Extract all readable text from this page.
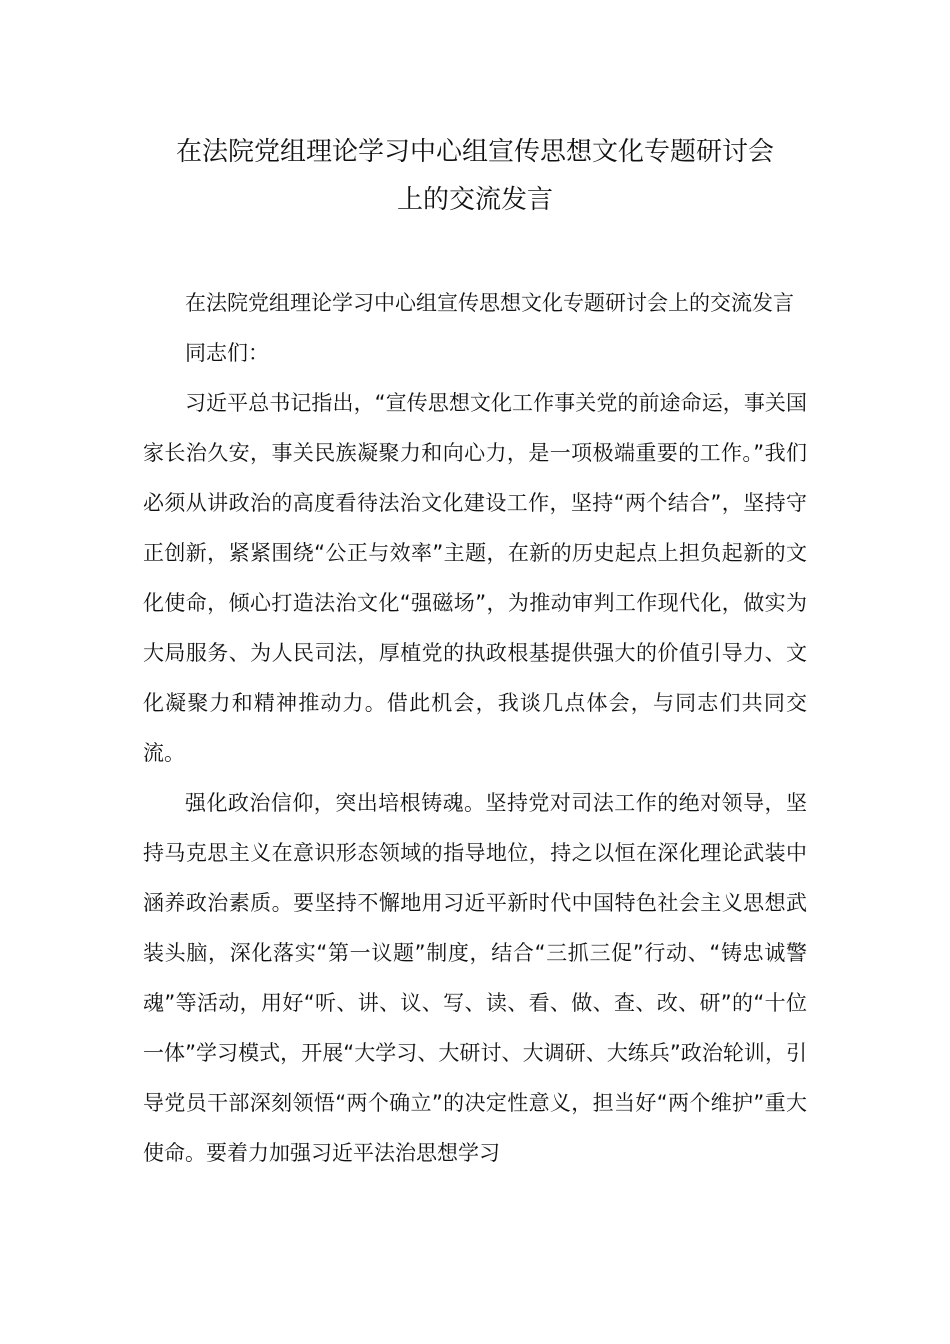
在法院党组理论学习中心组宣传思想文化专题研讨会
上的交流发言

在法院党组理论学习中心组宣传思想文化专题研讨会上的交流发言

同志们：

习近平总书记指出，“宣传思想文化工作事关党的前途命运，事关国家长治久安，事关民族凝聚力和向心力，是一项极端重要的工作。”我们必须从讲政治的高度看待法治文化建设工作，坚持“两个结合”，坚持守正创新，紧紧围绕“公正与效率”主题，在新的历史起点上担负起新的文化使命，倾心打造法治文化“强磁场”，为推动审判工作现代化，做实为大局服务、为人民司法，厚植党的执政根基提供强大的价值引导力、文化凝聚力和精神推动力。借此机会，我谈几点体会，与同志们共同交流。

强化政治信仰，突出培根铸魂。坚持党对司法工作的绝对领导，坚持马克思主义在意识形态领域的指导地位，持之以恒在深化理论武装中涵养政治素质。要坚持不懈地用习近平新时代中国特色社会主义思想武装头脑，深化落实“第一议题”制度，结合“三抓三促”行动、“铸忠诚警魂”等活动，用好“听、讲、议、写、读、看、做、查、改、研”的“十位一体”学习模式，开展“大学习、大研讨、大调研、大练兵”政治轮训，引导党员干部深刻领悟“两个确立”的决定性意义，担当好“两个维护”重大使命。要着力加强习近平法治思想学习
